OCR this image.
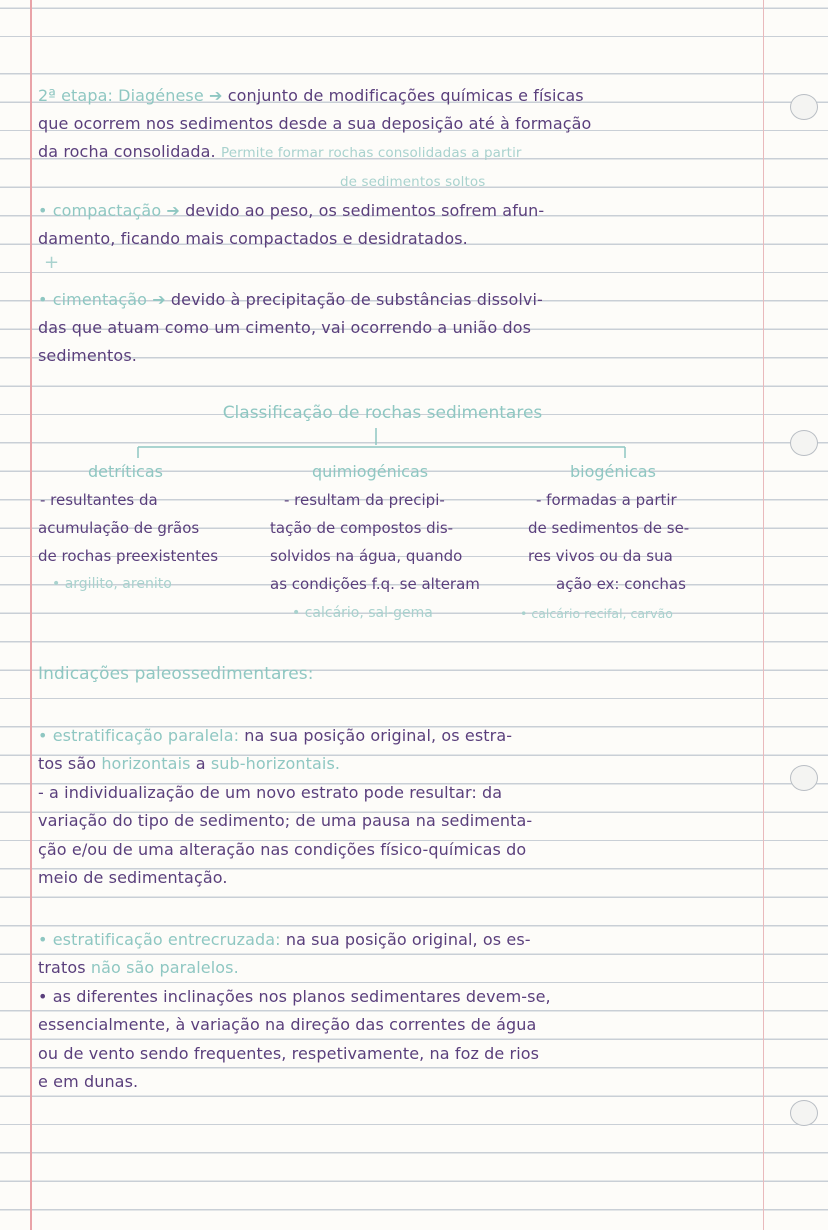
2ª etapa: Diagénese ➔ conjunto de modificações químicas e físicas
que ocorrem nos sedimentos desde a sua deposição até à formação
da rocha consolidada. Permite formar rochas consolidadas a partir
de sedimentos soltos
• compactação ➔ devido ao peso, os sedimentos sofrem afun-
damento, ficando mais compactados e desidratados.
+
• cimentação ➔ devido à precipitação de substâncias dissolvi-
das que atuam como um cimento, vai ocorrendo a união dos
sedimentos.
Classificação de rochas sedimentares
detríticas
- resultantes da
acumulação de grãos
de rochas preexistentes
• argilito, arenito
quimiogénicas
- resultam da precipi-
tação de compostos dis-
solvidos na água, quando
as condições f.q. se alteram
• calcário, sal-gema
biogénicas
- formadas a partir
de sedimentos de se-
res vivos ou da sua
ação ex: conchas
• calcário recifal, carvão
Indicações paleossedimentares:
• estratificação paralela: na sua posição original, os estra-
tos são horizontais a sub-horizontais.
- a individualização de um novo estrato pode resultar: da
variação do tipo de sedimento; de uma pausa na sedimenta-
ção e/ou de uma alteração nas condições físico-químicas do
meio de sedimentação.
• estratificação entrecruzada: na sua posição original, os es-
tratos não são paralelos.
• as diferentes inclinações nos planos sedimentares devem-se,
essencialmente, à variação na direção das correntes de água
ou de vento sendo frequentes, respetivamente, na foz de rios
e em dunas.
